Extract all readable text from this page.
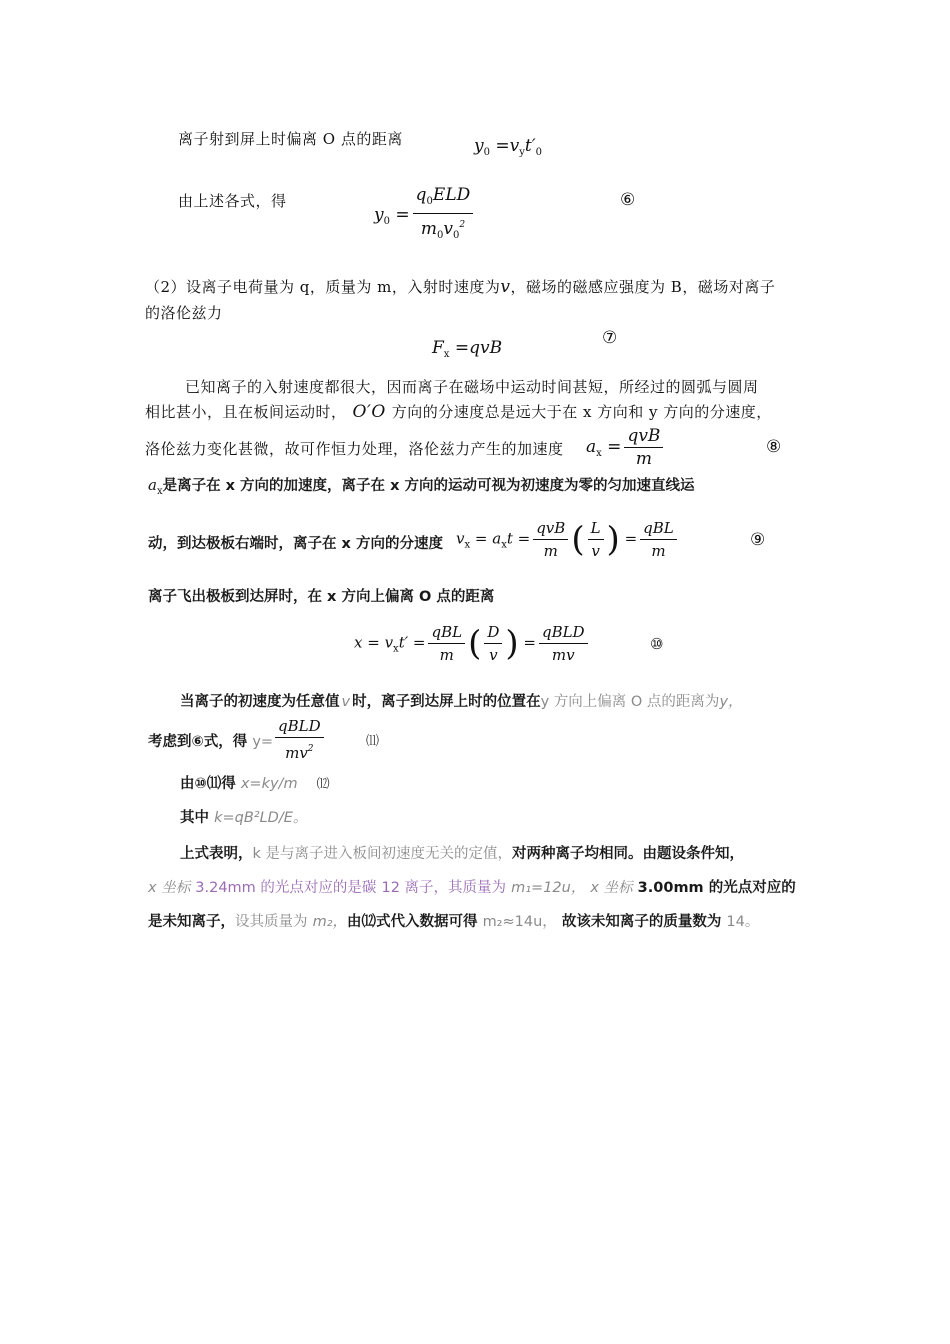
离子射到屏上时偏离 O 点的距离	$y_0 =v_yt'_0$
由上述各式，得
$y_0 = \frac{q_0ELD}{m_0v_0^2}$	⑥
（2）设离子电荷量为 q，质量为 m，入射时速度为v，磁场的磁感应强度为 B，磁场对离子
的洛伦兹力
$F_x =qvB$	⑦
已知离子的入射速度都很大，因而离子在磁场中运动时间甚短，所经过的圆弧与圆周
相比甚小，且在板间运动时， O′O 方向的分速度总是远大于在 x 方向和 y 方向的分速度，
洛伦兹力变化甚微，故可作恒力处理，洛伦兹力产生的加速度 $a_x = \frac{\text{qvB}}{m}$	⑧
$a_x$是离子在 x 方向的加速度，离子在 x 方向的运动可视为初速度为零的匀加速直线运
动，到达极板右端时，离子在 x 方向的分速度 $v_x = a_xt = \frac{\text{qvB}}{m}$ ( $\frac{L}{v}$ ) = $\frac{\text{qBL}}{m}$	⑨
离子飞出极板到达屏时，在 x 方向上偏离 O 点的距离
$x = v_xt' = \frac{\text{qBL}}{m}$ ( $\frac{D}{v}$ ) = $\frac{\text{qBLD}}{mv}$	⑩
当离子的初速度为任意值 v 时，离子到达屏上时的位置在y 方向上偏离 O 点的距离为y，
考虑到⑥式，得 $y= \frac{\text{qBLD}}{mv^2}$	⑾
由⑩⑾得 x=ky/m ⑿
其中 k=qB²LD/E。
上式表明，k 是与离子进入板间初速度无关的定值，对两种离子均相同。由题设条件知，
x 坐标 3.24mm 的光点对应的是碳 12 离子，其质量为 m₁=12u， x 坐标 3.00mm 的光点对应的
是未知离子，设其质量为 m₂，由⑿式代入数据可得 m₂≈14u， 故该未知离子的质量数为 14。
